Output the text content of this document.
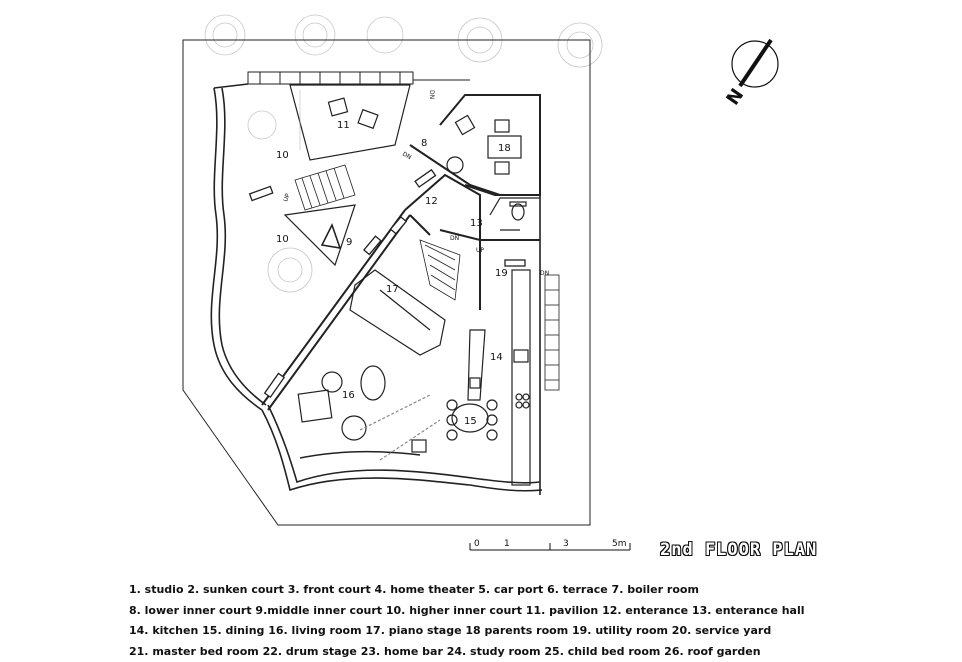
DN
UP
DN
DN
UP
DN
8
9
10
10
11
12
13
14
15
16
17
18
19
N
0	1	3	5m 2nd FLOOR PLAN
1. studio 2. sunken court 3. front court 4. home theater 5. car port 6. terrace 7. boiler room
8. lower inner court 9.middle inner court 10. higher inner court 11. pavilion 12. enterance 13. enterance hall
14. kitchen 15. dining 16. living room 17. piano stage 18 parents room 19. utility room 20. service yard
21. master bed room 22. drum stage 23. home bar 24. study room 25. child bed room 26. roof garden
